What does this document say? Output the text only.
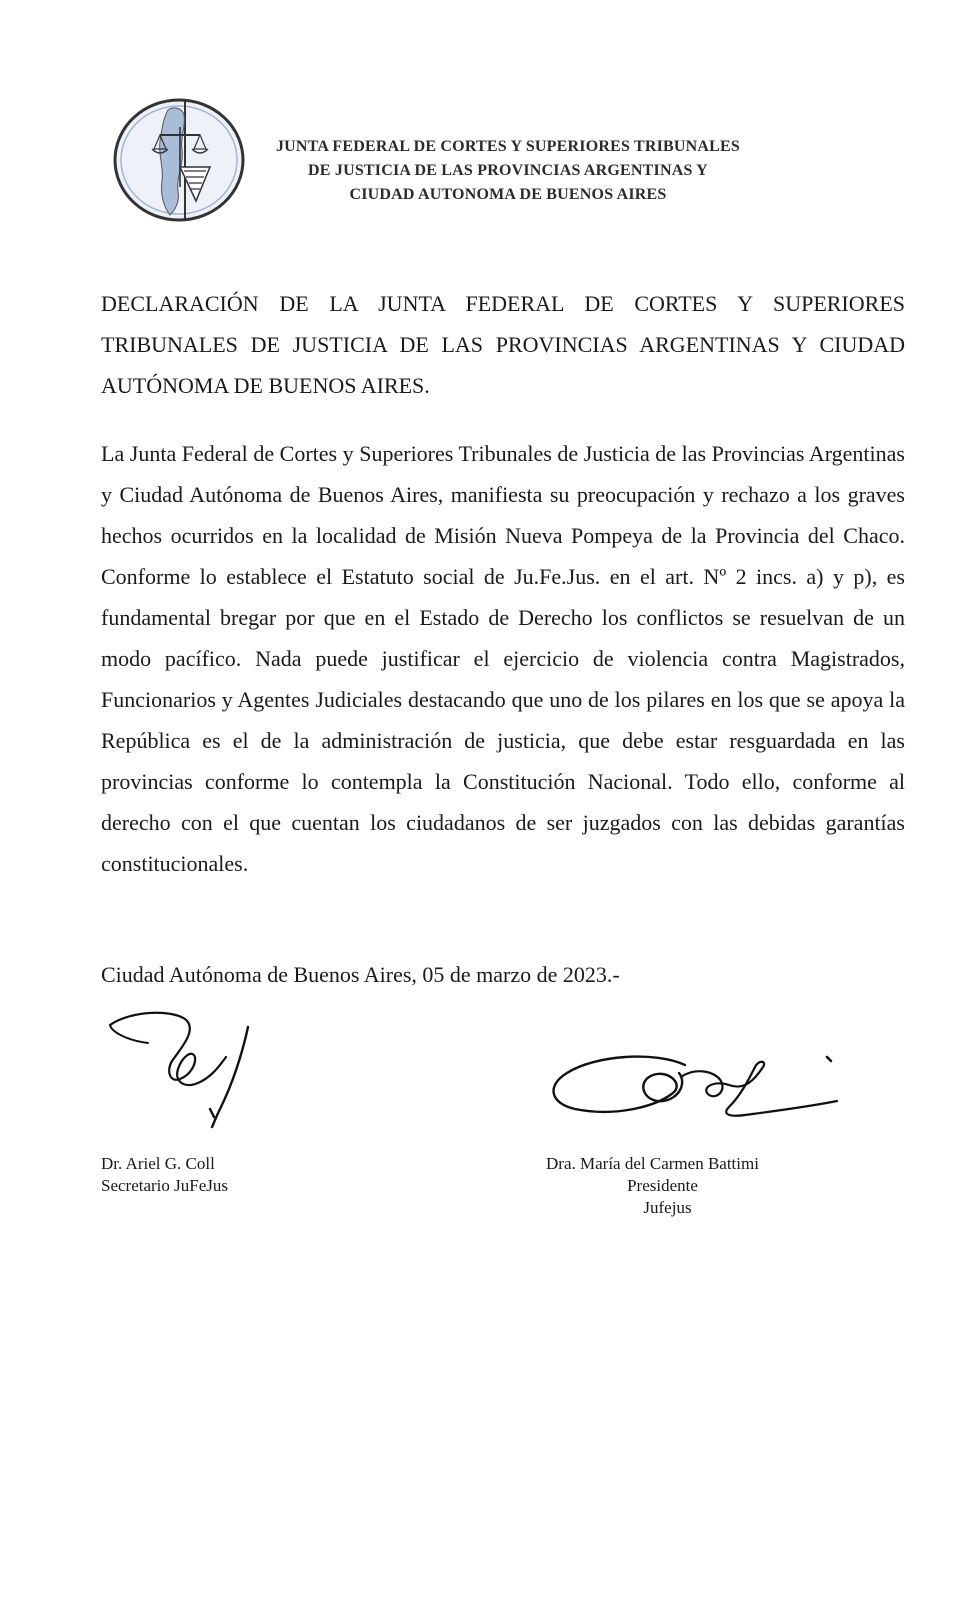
JUNTA FEDERAL DE CORTES Y SUPERIORES TRIBUNALES
DE JUSTICIA DE LAS PROVINCIAS ARGENTINAS Y
CIUDAD AUTONOMA DE BUENOS AIRES
DECLARACIÓN DE LA JUNTA FEDERAL DE CORTES Y SUPERIORES TRIBUNALES DE JUSTICIA DE LAS PROVINCIAS ARGENTINAS Y CIUDAD AUTÓNOMA DE BUENOS AIRES.
La Junta Federal de Cortes y Superiores Tribunales de Justicia de las Provincias Argentinas y Ciudad Autónoma de Buenos Aires, manifiesta su preocupación y rechazo a los graves hechos ocurridos en la localidad de Misión Nueva Pompeya de la Provincia del Chaco. Conforme lo establece el Estatuto social de Ju.Fe.Jus. en el art. Nº 2 incs. a) y p), es fundamental bregar por que en el Estado de Derecho los conflictos se resuelvan de un modo pacífico. Nada puede justificar el ejercicio de violencia contra Magistrados, Funcionarios y Agentes Judiciales destacando que uno de los pilares en los que se apoya la República es el de la administración de justicia, que debe estar resguardada en las provincias conforme lo contempla la Constitución Nacional. Todo ello, conforme al derecho con el que cuentan los ciudadanos de ser juzgados con las debidas garantías constitucionales.
Ciudad Autónoma de Buenos Aires, 05 de marzo de 2023.-
Dr. Ariel G. Coll
Secretario JuFeJus
Dra. María del Carmen Battimi
Presidente
Jufejus
